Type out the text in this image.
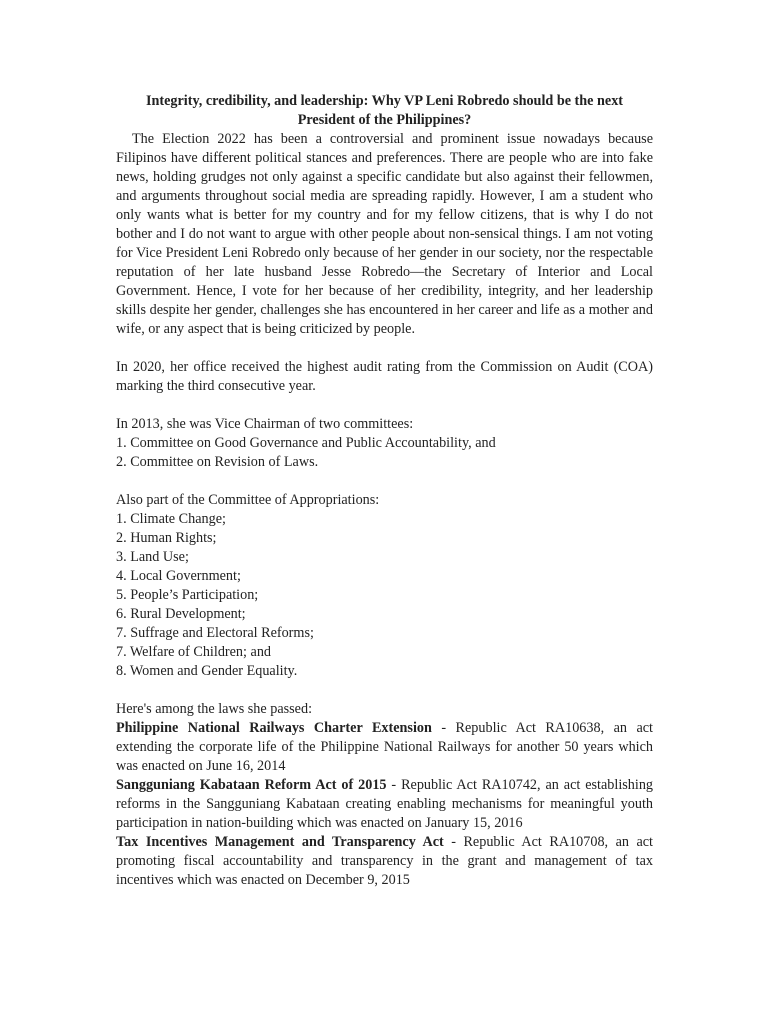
Integrity, credibility, and leadership: Why VP Leni Robredo should be the next President of the Philippines?

The Election 2022 has been a controversial and prominent issue nowadays because Filipinos have different political stances and preferences. There are people who are into fake news, holding grudges not only against a specific candidate but also against their fellowmen, and arguments throughout social media are spreading rapidly. However, I am a student who only wants what is better for my country and for my fellow citizens, that is why I do not bother and I do not want to argue with other people about non-sensical things. I am not voting for Vice President Leni Robredo only because of her gender in our society, nor the respectable reputation of her late husband Jesse Robredo—the Secretary of Interior and Local Government. Hence, I vote for her because of her credibility, integrity, and her leadership skills despite her gender, challenges she has encountered in her career and life as a mother and wife, or any aspect that is being criticized by people.

In 2020, her office received the highest audit rating from the Commission on Audit (COA) marking the third consecutive year.

In 2013, she was Vice Chairman of two committees:

1. Committee on Good Governance and Public Accountability, and
2. Committee on Revision of Laws.

Also part of the Committee of Appropriations:

1. Climate Change;
2. Human Rights;
3. Land Use;
4. Local Government;
5. People’s Participation;
6. Rural Development;
7. Suffrage and Electoral Reforms;
7. Welfare of Children; and
8. Women and Gender Equality.

Here's among the laws she passed:

Philippine National Railways Charter Extension - Republic Act RA10638, an act extending the corporate life of the Philippine National Railways for another 50 years which was enacted on June 16, 2014

Sangguniang Kabataan Reform Act of 2015 - Republic Act RA10742, an act establishing reforms in the Sangguniang Kabataan creating enabling mechanisms for meaningful youth participation in nation-building which was enacted on January 15, 2016

Tax Incentives Management and Transparency Act - Republic Act RA10708, an act promoting fiscal accountability and transparency in the grant and management of tax incentives which was enacted on December 9, 2015
